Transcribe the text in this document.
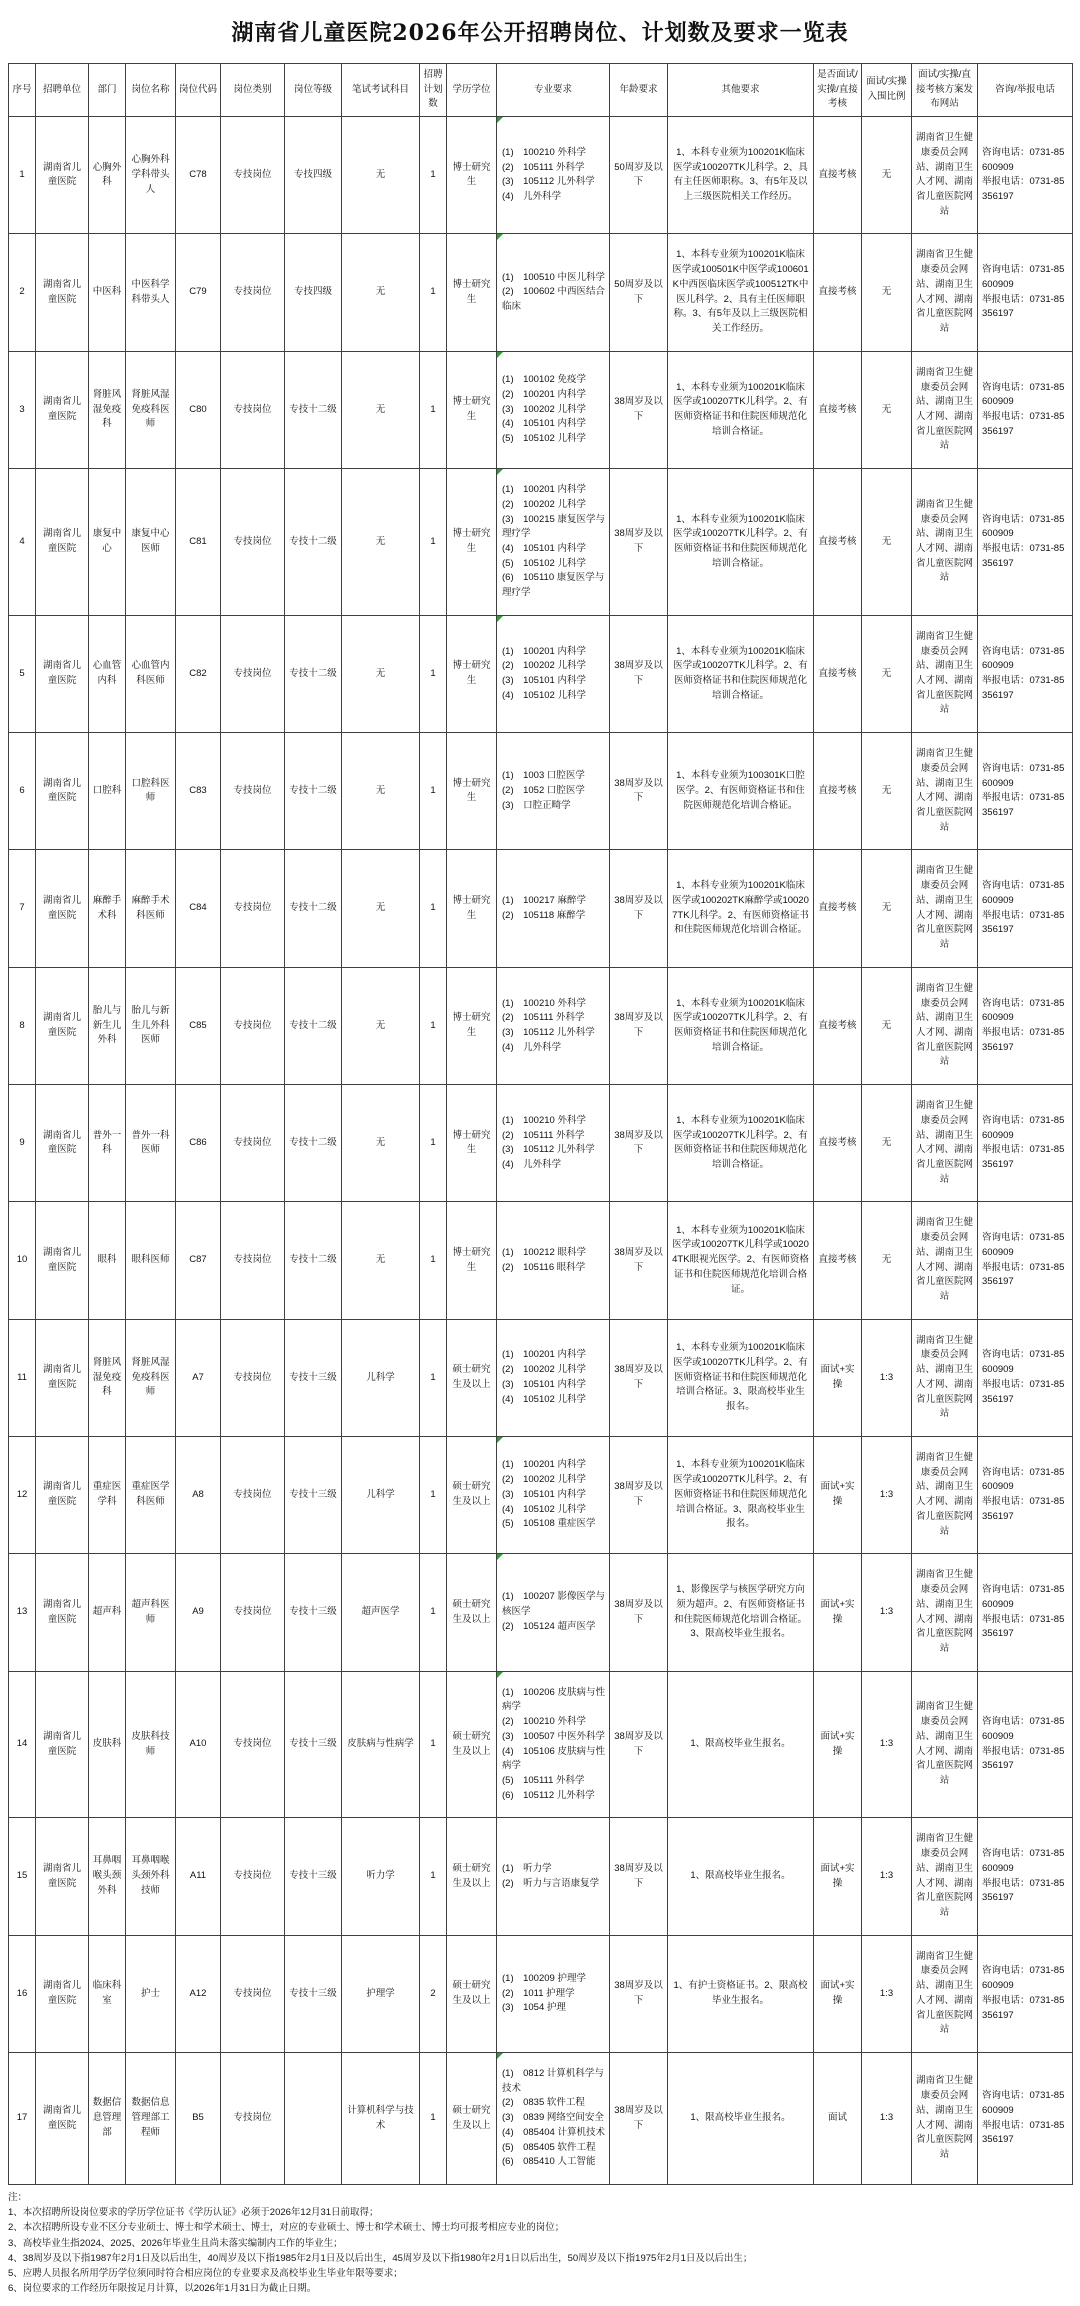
湖南省儿童医院2026年公开招聘岗位、计划数及要求一览表
序号	招聘单位	部门	岗位名称	岗位代码	岗位类别	岗位等级	笔试考试科目	招聘计划数	学历学位	专业要求	年龄要求	其他要求	是否面试/实操/直接考核	面试/实操入围比例	面试/实操/直接考核方案发布网站	咨询/举报电话
1	湖南省儿童医院	心胸外科	心胸外科学科带头人	C78	专技岗位	专技四级	无	1	博士研究生	(1)　100210 外科学
(2)　105111 外科学
(3)　105112 儿外科学
(4)　儿外科学	50周岁及以下	1、本科专业须为100201K临床医学或100207TK儿科学。2、具有主任医师职称。3、有5年及以上三级医院相关工作经历。	直接考核	无	湖南省卫生健康委员会网站、湖南卫生人才网、湖南省儿童医院网站	咨询电话：0731-85600909
举报电话：0731-85356197

2	湖南省儿童医院	中医科	中医科学科带头人	C79	专技岗位	专技四级	无	1	博士研究生	(1)　100510 中医儿科学
(2)　100602 中西医结合临床	50周岁及以下	1、本科专业须为100201K临床医学或100501K中医学或100601K中西医临床医学或100512TK中医儿科学。2、具有主任医师职称。3、有5年及以上三级医院相关工作经历。	直接考核	无	湖南省卫生健康委员会网站、湖南卫生人才网、湖南省儿童医院网站	咨询电话：0731-85600909
举报电话：0731-85356197

3	湖南省儿童医院	肾脏风湿免疫科	肾脏风湿免疫科医师	C80	专技岗位	专技十二级	无	1	博士研究生	(1)　100102 免疫学
(2)　100201 内科学
(3)　100202 儿科学
(4)　105101 内科学
(5)　105102 儿科学	38周岁及以下	1、本科专业须为100201K临床医学或100207TK儿科学。2、有医师资格证书和住院医师规范化培训合格证。	直接考核	无	湖南省卫生健康委员会网站、湖南卫生人才网、湖南省儿童医院网站	咨询电话：0731-85600909
举报电话：0731-85356197

4	湖南省儿童医院	康复中心	康复中心医师	C81	专技岗位	专技十二级	无	1	博士研究生	
(1)　100201 内科学
(2)　100202 儿科学
(3)　100215 康复医学与理疗学
(4)　105101 内科学
(5)　105102 儿科学
(6)　105110 康复医学与理疗学
	38周岁及以下	1、本科专业须为100201K临床医学或100207TK儿科学。2、有医师资格证书和住院医师规范化培训合格证。	直接考核	无	湖南省卫生健康委员会网站、湖南卫生人才网、湖南省儿童医院网站	
咨询电话：0731-85600909
举报电话：0731-85356197

5	湖南省儿童医院	心血管内科	心血管内科医师	C82	专技岗位	专技十二级	无	1	博士研究生	(1)　100201 内科学
(2)　100202 儿科学
(3)　105101 内科学
(4)　105102 儿科学	38周岁及以下	1、本科专业须为100201K临床医学或100207TK儿科学。2、有医师资格证书和住院医师规范化培训合格证。	直接考核	无	湖南省卫生健康委员会网站、湖南卫生人才网、湖南省儿童医院网站	咨询电话：0731-85600909
举报电话：0731-85356197

6	湖南省儿童医院	口腔科	口腔科医师	C83	专技岗位	专技十二级	无	1	博士研究生	(1)　1003 口腔医学
(2)　1052 口腔医学
(3)　口腔正畸学	38周岁及以下	1、本科专业须为100301K口腔医学。2、有医师资格证书和住院医师规范化培训合格证。	直接考核	无	湖南省卫生健康委员会网站、湖南卫生人才网、湖南省儿童医院网站	咨询电话：0731-85600909
举报电话：0731-85356197

7	湖南省儿童医院	麻醉手术科	麻醉手术科医师	C84	专技岗位	专技十二级	无	1	博士研究生	(1)　100217 麻醉学
(2)　105118 麻醉学	38周岁及以下	1、本科专业须为100201K临床医学或100202TK麻醉学或100207TK儿科学。2、有医师资格证书和住院医师规范化培训合格证。	直接考核	无	湖南省卫生健康委员会网站、湖南卫生人才网、湖南省儿童医院网站	咨询电话：0731-85600909
举报电话：0731-85356197

8	湖南省儿童医院	胎儿与新生儿外科	胎儿与新生儿外科医师	C85	专技岗位	专技十二级	无	1	博士研究生	(1)　100210 外科学
(2)　105111 外科学
(3)　105112 儿外科学
(4)　儿外科学	38周岁及以下	1、本科专业须为100201K临床医学或100207TK儿科学。2、有医师资格证书和住院医师规范化培训合格证。	直接考核	无	湖南省卫生健康委员会网站、湖南卫生人才网、湖南省儿童医院网站	咨询电话：0731-85600909
举报电话：0731-85356197

9	湖南省儿童医院	普外一科	普外一科医师	C86	专技岗位	专技十二级	无	1	博士研究生	(1)　100210 外科学
(2)　105111 外科学
(3)　105112 儿外科学
(4)　儿外科学	38周岁及以下	1、本科专业须为100201K临床医学或100207TK儿科学。2、有医师资格证书和住院医师规范化培训合格证。	直接考核	无	湖南省卫生健康委员会网站、湖南卫生人才网、湖南省儿童医院网站	咨询电话：0731-85600909
举报电话：0731-85356197

10	湖南省儿童医院	眼科	眼科医师	C87	专技岗位	专技十二级	无	1	博士研究生	(1)　100212 眼科学
(2)　105116 眼科学	38周岁及以下	1、本科专业须为100201K临床医学或100207TK儿科学或100204TK眼视光医学。2、有医师资格证书和住院医师规范化培训合格证。	直接考核	无	湖南省卫生健康委员会网站、湖南卫生人才网、湖南省儿童医院网站	咨询电话：0731-85600909
举报电话：0731-85356197

11	湖南省儿童医院	肾脏风湿免疫科	肾脏风湿免疫科医师	A7	专技岗位	专技十三级	儿科学	1	硕士研究生及以上	(1)　100201 内科学
(2)　100202 儿科学
(3)　105101 内科学
(4)　105102 儿科学	38周岁及以下	1、本科专业须为100201K临床医学或100207TK儿科学。2、有医师资格证书和住院医师规范化培训合格证。3、限高校毕业生报名。	面试+实操	1:3	湖南省卫生健康委员会网站、湖南卫生人才网、湖南省儿童医院网站	咨询电话：0731-85600909
举报电话：0731-85356197

12	湖南省儿童医院	重症医学科	重症医学科医师	A8	专技岗位	专技十三级	儿科学	1	硕士研究生及以上	(1)　100201 内科学
(2)　100202 儿科学
(3)　105101 内科学
(4)　105102 儿科学
(5)　105108 重症医学	38周岁及以下	1、本科专业须为100201K临床医学或100207TK儿科学。2、有医师资格证书和住院医师规范化培训合格证。3、限高校毕业生报名。	面试+实操	1:3	湖南省卫生健康委员会网站、湖南卫生人才网、湖南省儿童医院网站	咨询电话：0731-85600909
举报电话：0731-85356197

13	湖南省儿童医院	超声科	超声科医师	A9	专技岗位	专技十三级	超声医学	1	硕士研究生及以上	(1)　100207 影像医学与核医学
(2)　105124 超声医学	38周岁及以下	1、影像医学与核医学研究方向须为超声。2、有医师资格证书和住院医师规范化培训合格证。3、限高校毕业生报名。	面试+实操	1:3	湖南省卫生健康委员会网站、湖南卫生人才网、湖南省儿童医院网站	咨询电话：0731-85600909
举报电话：0731-85356197

14	湖南省儿童医院	皮肤科	皮肤科技师	A10	专技岗位	专技十三级	皮肤病与性病学	1	硕士研究生及以上	
(1)　100206 皮肤病与性病学
(2)　100210 外科学
(3)　100507 中医外科学
(4)　105106 皮肤病与性病学
(5)　105111 外科学
(6)　105112 儿外科学
	38周岁及以下	1、限高校毕业生报名。	面试+实操	1:3	湖南省卫生健康委员会网站、湖南卫生人才网、湖南省儿童医院网站	
咨询电话：0731-85600909
举报电话：0731-85356197

15	湖南省儿童医院	耳鼻咽喉头颈外科	耳鼻咽喉头颈外科技师	A11	专技岗位	专技十三级	听力学	1	硕士研究生及以上	(1)　听力学
(2)　听力与言语康复学	38周岁及以下	1、限高校毕业生报名。	面试+实操	1:3	湖南省卫生健康委员会网站、湖南卫生人才网、湖南省儿童医院网站	咨询电话：0731-85600909
举报电话：0731-85356197

16	湖南省儿童医院	临床科室	护士	A12	专技岗位	专技十三级	护理学	2	硕士研究生及以上	(1)　100209 护理学
(2)　1011 护理学
(3)　1054 护理	38周岁及以下	1、有护士资格证书。2、限高校毕业生报名。	面试+实操	1:3	湖南省卫生健康委员会网站、湖南卫生人才网、湖南省儿童医院网站	咨询电话：0731-85600909
举报电话：0731-85356197

17	湖南省儿童医院	数据信息管理部	数据信息管理部工程师	B5	专技岗位		计算机科学与技术	1	硕士研究生及以上	
(1)　0812 计算机科学与技术
(2)　0835 软件工程
(3)　0839 网络空间安全
(4)　085404 计算机技术
(5)　085405 软件工程
(6)　085410 人工智能
	38周岁及以下	1、限高校毕业生报名。	面试	1:3	湖南省卫生健康委员会网站、湖南卫生人才网、湖南省儿童医院网站	
咨询电话：0731-85600909
举报电话：0731-85356197
注：
1、本次招聘所设岗位要求的学历学位证书《学历认证》必须于2026年12月31日前取得；
2、本次招聘所设专业不区分专业硕士、博士和学术硕士、博士，对应的专业硕士、博士和学术硕士、博士均可报考相应专业的岗位；
3、高校毕业生指2024、2025、2026年毕业生且尚未落实编制内工作的毕业生；
4、38周岁及以下指1987年2月1日及以后出生，40周岁及以下指1985年2月1日及以后出生，45周岁及以下指1980年2月1日以后出生，50周岁及以下指1975年2月1日及以后出生；
5、应聘人员报名所用学历学位须同时符合相应岗位的专业要求及高校毕业生毕业年限等要求；
6、岗位要求的工作经历年限按足月计算，以2026年1月31日为截止日期。
